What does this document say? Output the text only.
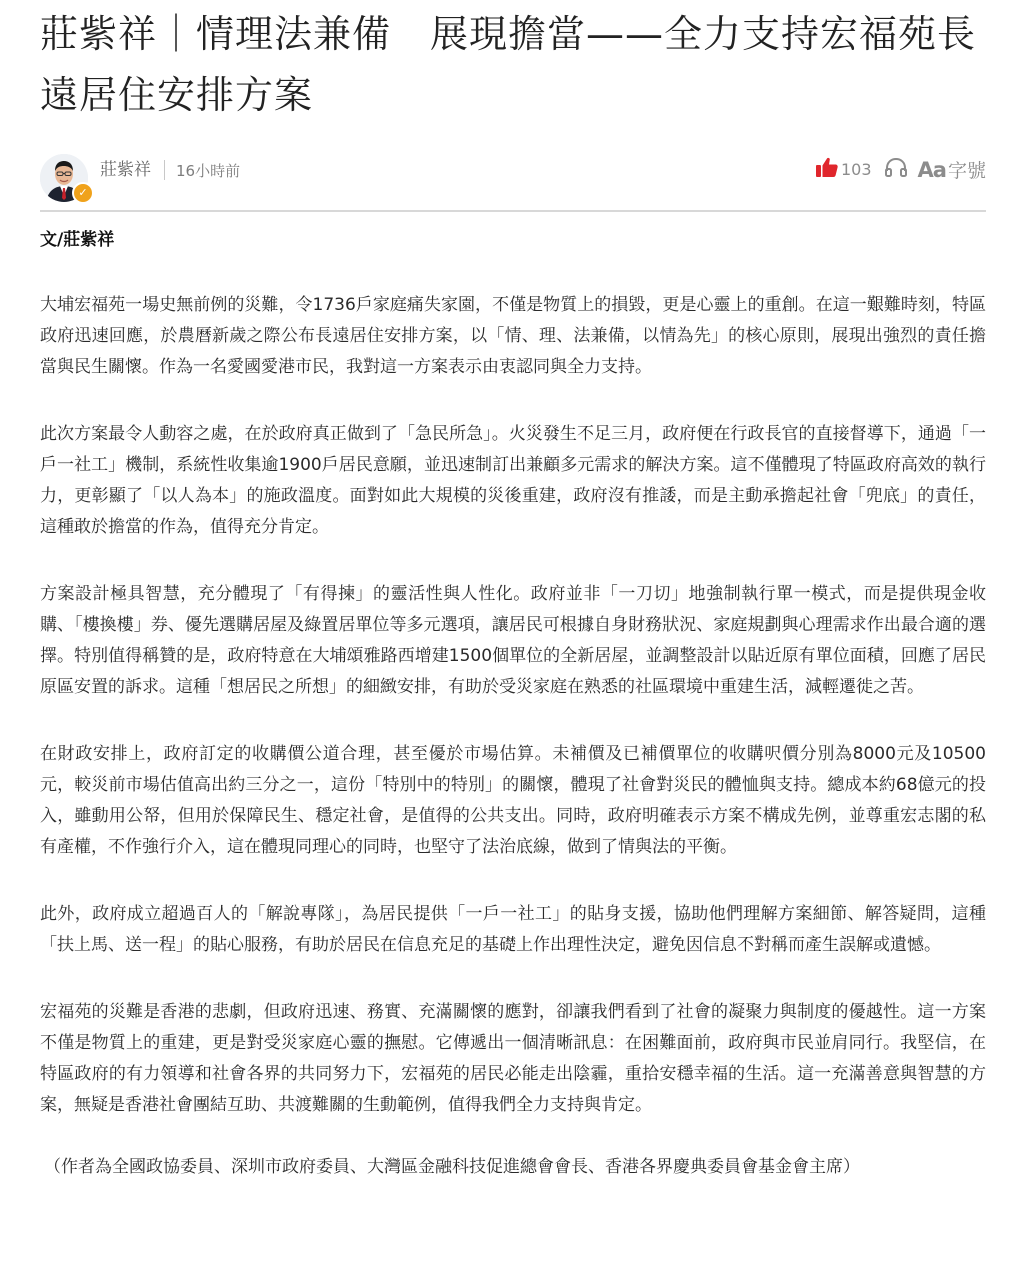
莊紫祥｜情理法兼備　展現擔當——全力支持宏福苑長遠居住安排方案
✓
莊紫祥 16小時前	103 Aa 字號

文/莊紫祥

大埔宏福苑一場史無前例的災難，令1736戶家庭痛失家園，不僅是物質上的損毀，更是心靈上的重創。在這一艱難時刻，特區政府迅速回應，於農曆新歲之際公布長遠居住安排方案，以「情、理、法兼備，以情為先」的核心原則，展現出強烈的責任擔當與民生關懷。作為一名愛國愛港市民，我對這一方案表示由衷認同與全力支持。

此次方案最令人動容之處，在於政府真正做到了「急民所急」。火災發生不足三月，政府便在行政長官的直接督導下，通過「一戶一社工」機制，系統性收集逾1900戶居民意願，並迅速制訂出兼顧多元需求的解決方案。這不僅體現了特區政府高效的執行力，更彰顯了「以人為本」的施政溫度。面對如此大規模的災後重建，政府沒有推諉，而是主動承擔起社會「兜底」的責任，這種敢於擔當的作為，值得充分肯定。

方案設計極具智慧，充分體現了「有得揀」的靈活性與人性化。政府並非「一刀切」地強制執行單一模式，而是提供現金收購、「樓換樓」券、優先選購居屋及綠置居單位等多元選項，讓居民可根據自身財務狀況、家庭規劃與心理需求作出最合適的選擇。特別值得稱贊的是，政府特意在大埔頌雅路西增建1500個單位的全新居屋，並調整設計以貼近原有單位面積，回應了居民原區安置的訴求。這種「想居民之所想」的細緻安排，有助於受災家庭在熟悉的社區環境中重建生活，減輕遷徙之苦。

在財政安排上，政府訂定的收購價公道合理，甚至優於市場估算。未補價及已補價單位的收購呎價分別為8000元及10500元，較災前市場估值高出約三分之一，這份「特別中的特別」的關懷，體現了社會對災民的體恤與支持。總成本約68億元的投入，雖動用公帑，但用於保障民生、穩定社會，是值得的公共支出。同時，政府明確表示方案不構成先例，並尊重宏志閣的私有產權，不作強行介入，這在體現同理心的同時，也堅守了法治底線，做到了情與法的平衡。

此外，政府成立超過百人的「解說專隊」，為居民提供「一戶一社工」的貼身支援，協助他們理解方案細節、解答疑問，這種「扶上馬、送一程」的貼心服務，有助於居民在信息充足的基礎上作出理性決定，避免因信息不對稱而產生誤解或遺憾。

宏福苑的災難是香港的悲劇，但政府迅速、務實、充滿關懷的應對，卻讓我們看到了社會的凝聚力與制度的優越性。這一方案不僅是物質上的重建，更是對受災家庭心靈的撫慰。它傳遞出一個清晰訊息：在困難面前，政府與市民並肩同行。我堅信，在特區政府的有力領導和社會各界的共同努力下，宏福苑的居民必能走出陰霾，重拾安穩幸福的生活。這一充滿善意與智慧的方案，無疑是香港社會團結互助、共渡難關的生動範例，值得我們全力支持與肯定。

（作者為全國政協委員、深圳市政府委員、大灣區金融科技促進總會會長、香港各界慶典委員會基金會主席）
